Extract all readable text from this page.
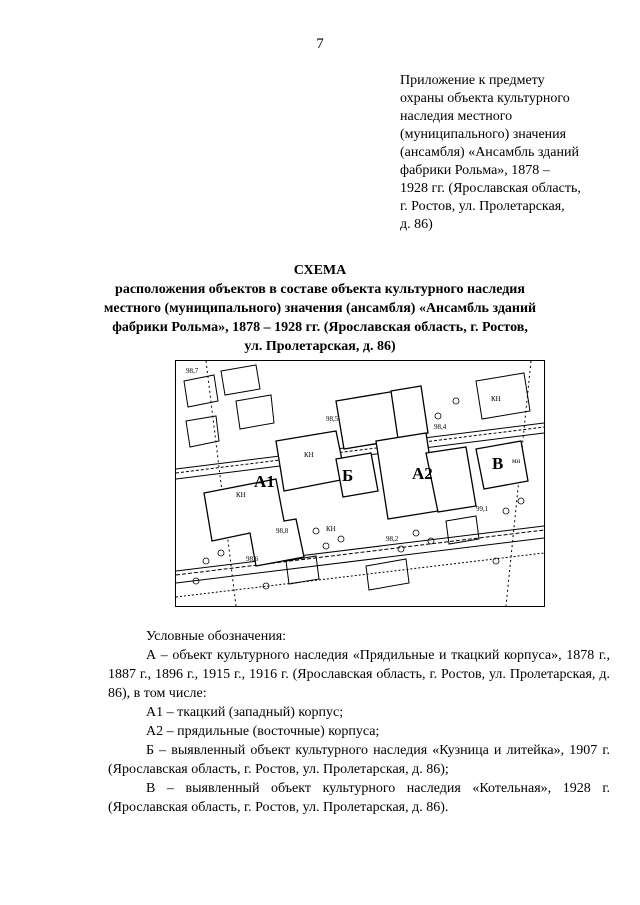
7
Приложение к предмету
охраны объекта культурного
наследия местного
(муниципального) значения
(ансамбля) «Ансамбль зданий
фабрики Рольма», 1878 –
1928 гг. (Ярославская область,
г. Ростов, ул. Пролетарская,
д. 86)
СХЕМА
расположения объектов в составе объекта культурного наследия
местного (муниципального) значения (ансамбля) «Ансамбль зданий
фабрики Рольма», 1878 – 1928 гг. (Ярославская область, г. Ростов,
ул. Пролетарская, д. 86)
А1	Б	А2
В
КН
КН
КН
КН
мн
98,7
98,8
98,4
98,6
98,2
99,1
98,5

Условные обозначения:

А – объект культурного наследия «Прядильные и ткацкий корпуса», 1878 г., 1887 г., 1896 г., 1915 г., 1916 г. (Ярославская область, г. Ростов, ул. Пролетарская, д. 86), в том числе:

А1 – ткацкий (западный) корпус;

А2 – прядильные (восточные) корпуса;

Б – выявленный объект культурного наследия «Кузница и литейка», 1907 г. (Ярославская область, г. Ростов, ул. Пролетарская, д. 86);

В – выявленный объект культурного наследия «Котельная», 1928 г. (Ярославская область, г. Ростов, ул. Пролетарская, д. 86).
